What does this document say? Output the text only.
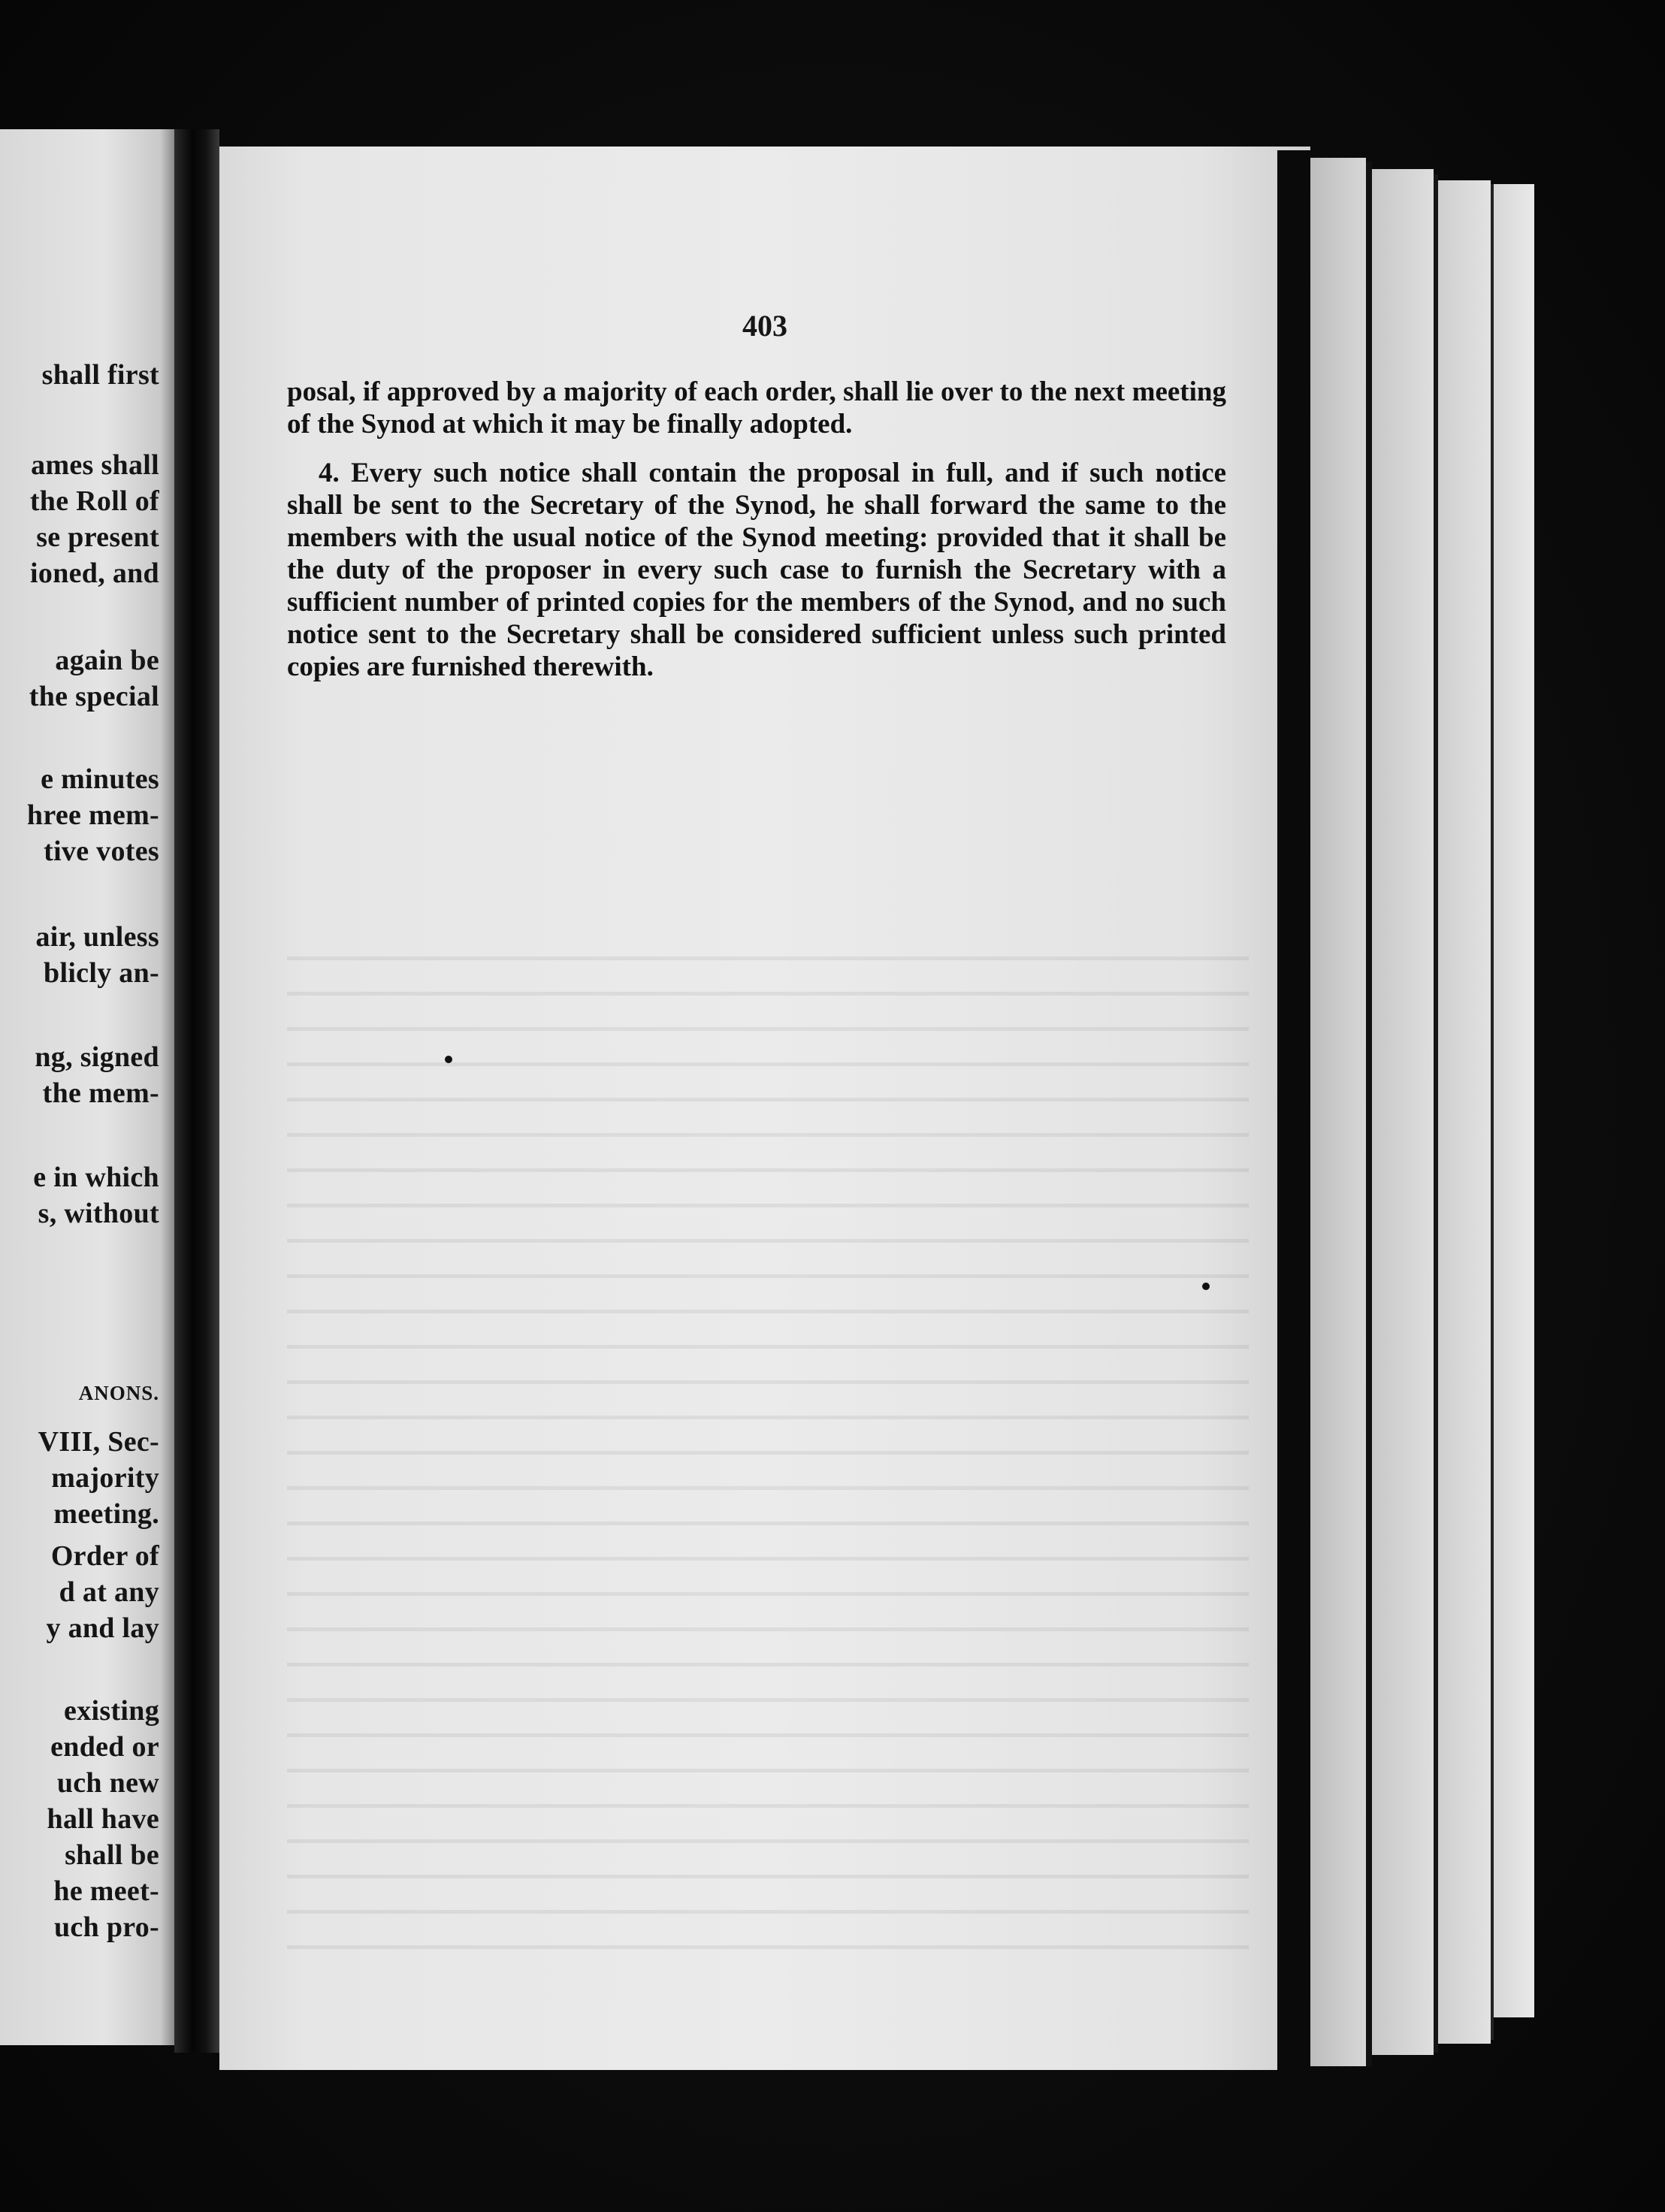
shall first

ames shall

the Roll of

se present

ioned, and

again be

the special

e minutes

hree mem-

tive votes

air, unless

blicly an-

ng, signed

the mem-

e in which

s, without

ANONS.

VIII, Sec-

majority

meeting.

Order of

d at any

y and lay

existing

ended or

uch new

hall have

shall be

he meet-

uch pro-

403

posal, if approved by a majority of each order, shall lie over to the next meeting of the Synod at which it may be finally adopted.

4. Every such notice shall contain the proposal in full, and if such notice shall be sent to the Secretary of the Synod, he shall forward the same to the members with the usual notice of the Synod meeting: provided that it shall be the duty of the proposer in every such case to furnish the Secretary with a sufficient number of printed copies for the members of the Synod, and no such notice sent to the Secretary shall be considered sufficient unless such printed copies are furnished therewith.
